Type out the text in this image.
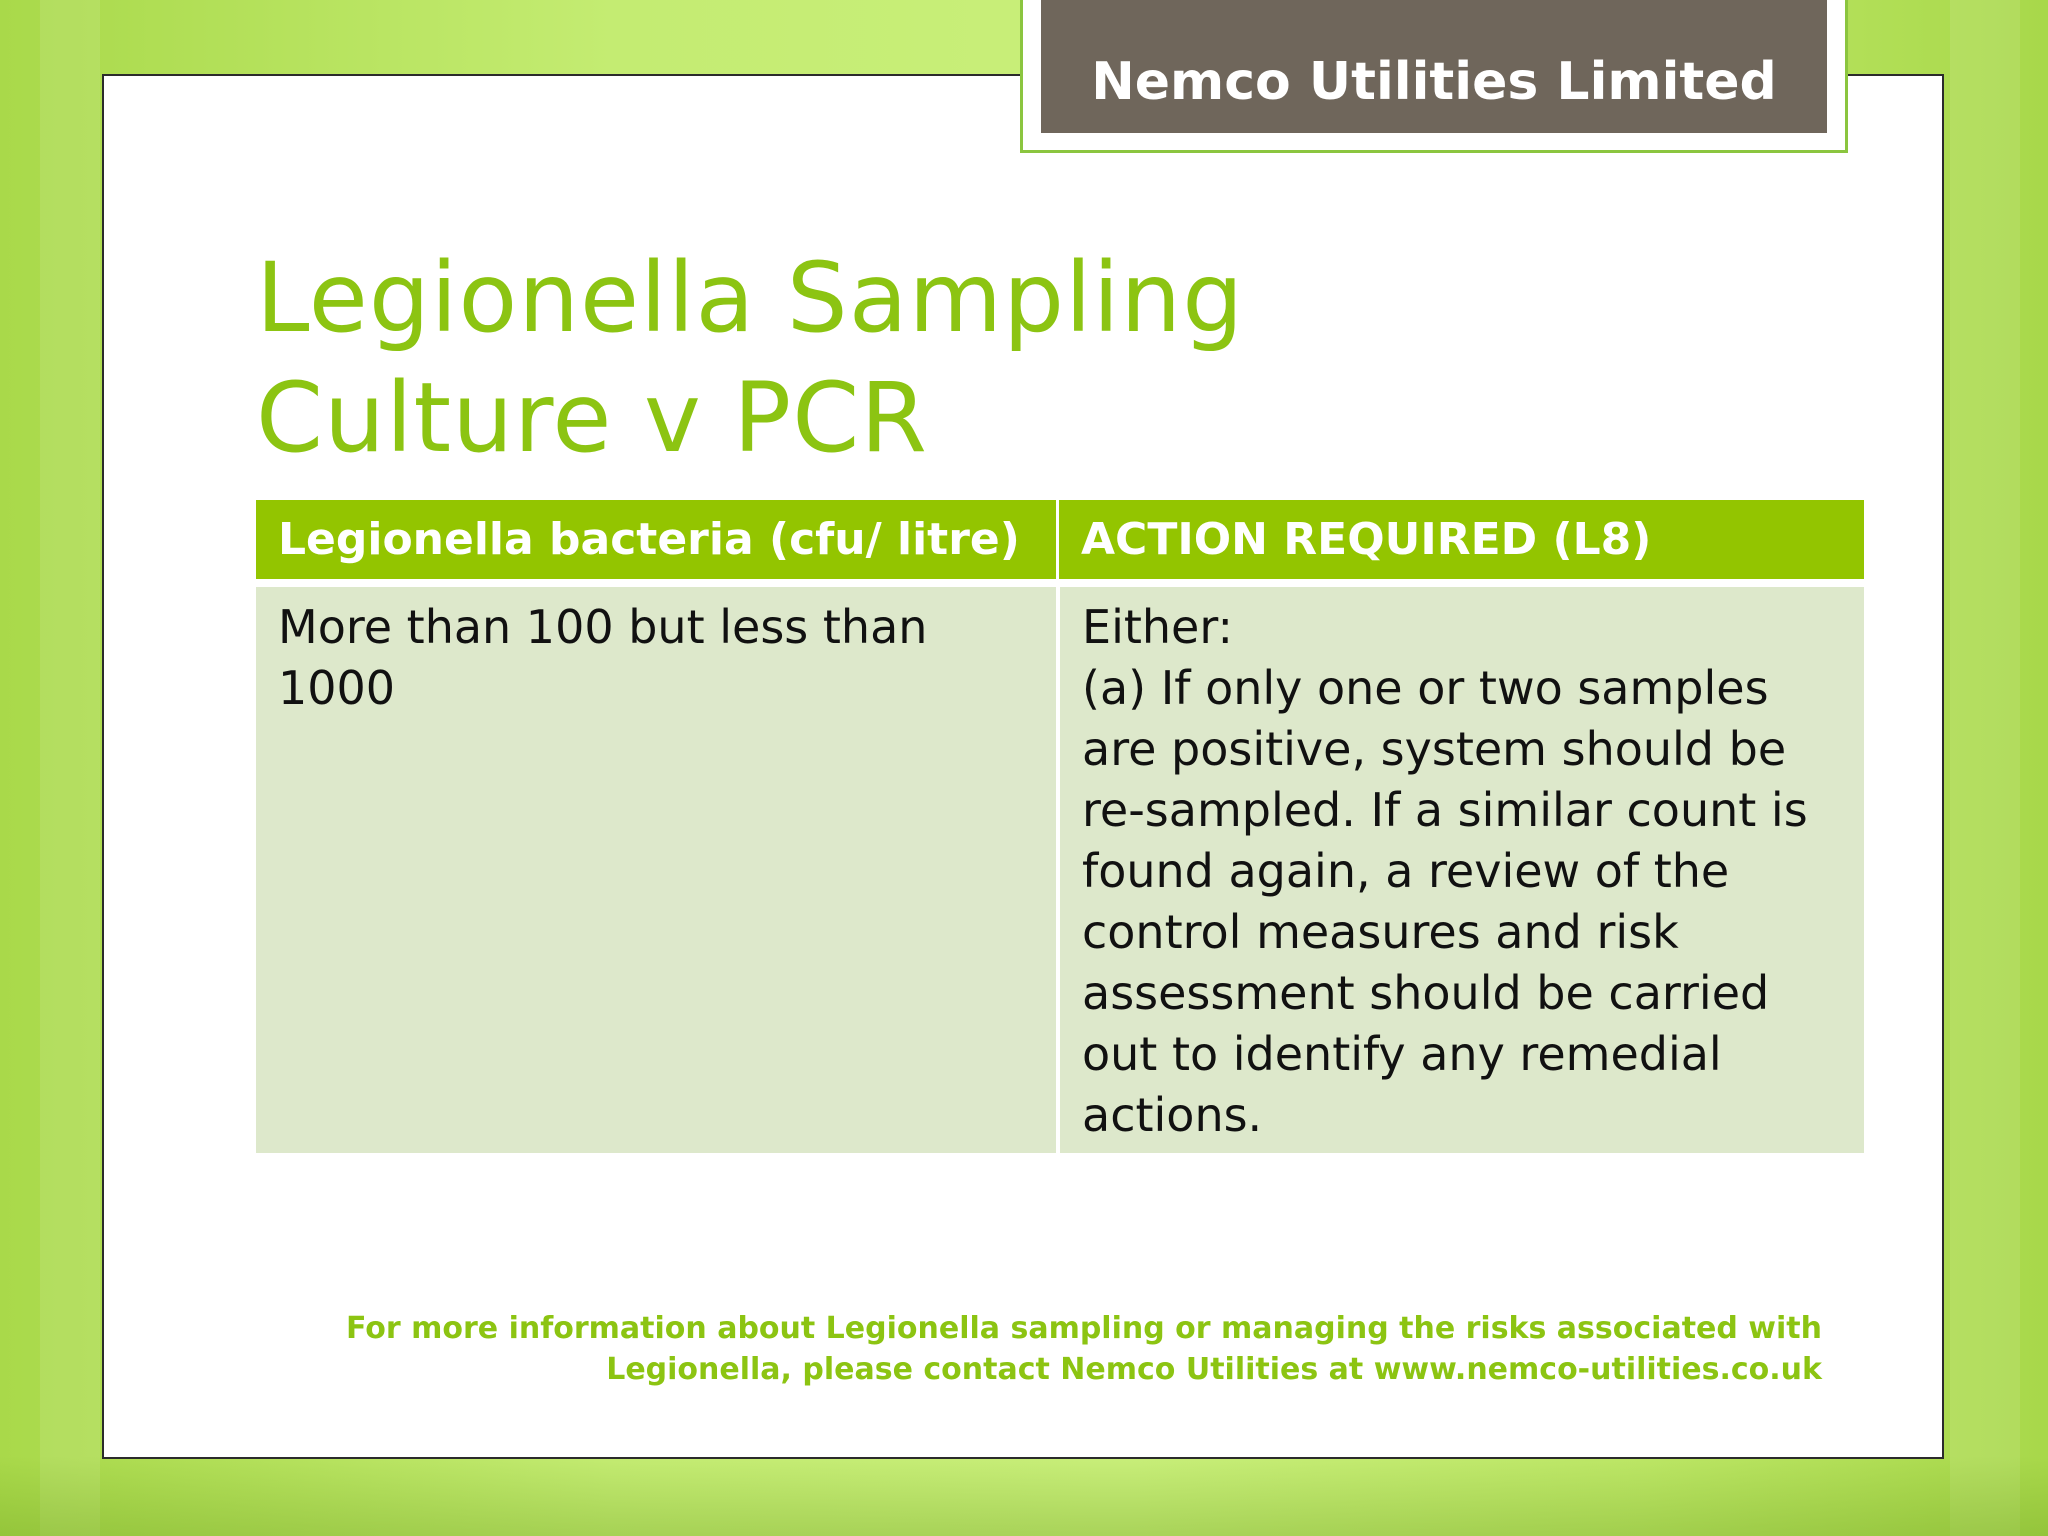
Nemco Utilities Limited
Legionella Sampling
Culture v PCR
Legionella bacteria (cfu/ litre)	ACTION REQUIRED (L8)
More than 100 but less than 1000

Either:

(a) If only one or two samples are positive, system should be re-sampled. If a similar count is found again, a review of the control measures and risk assessment should be carried out to identify any remedial actions.

For more information about Legionella sampling or managing the risks associated with
Legionella, please contact Nemco Utilities at www.nemco-utilities.co.uk
